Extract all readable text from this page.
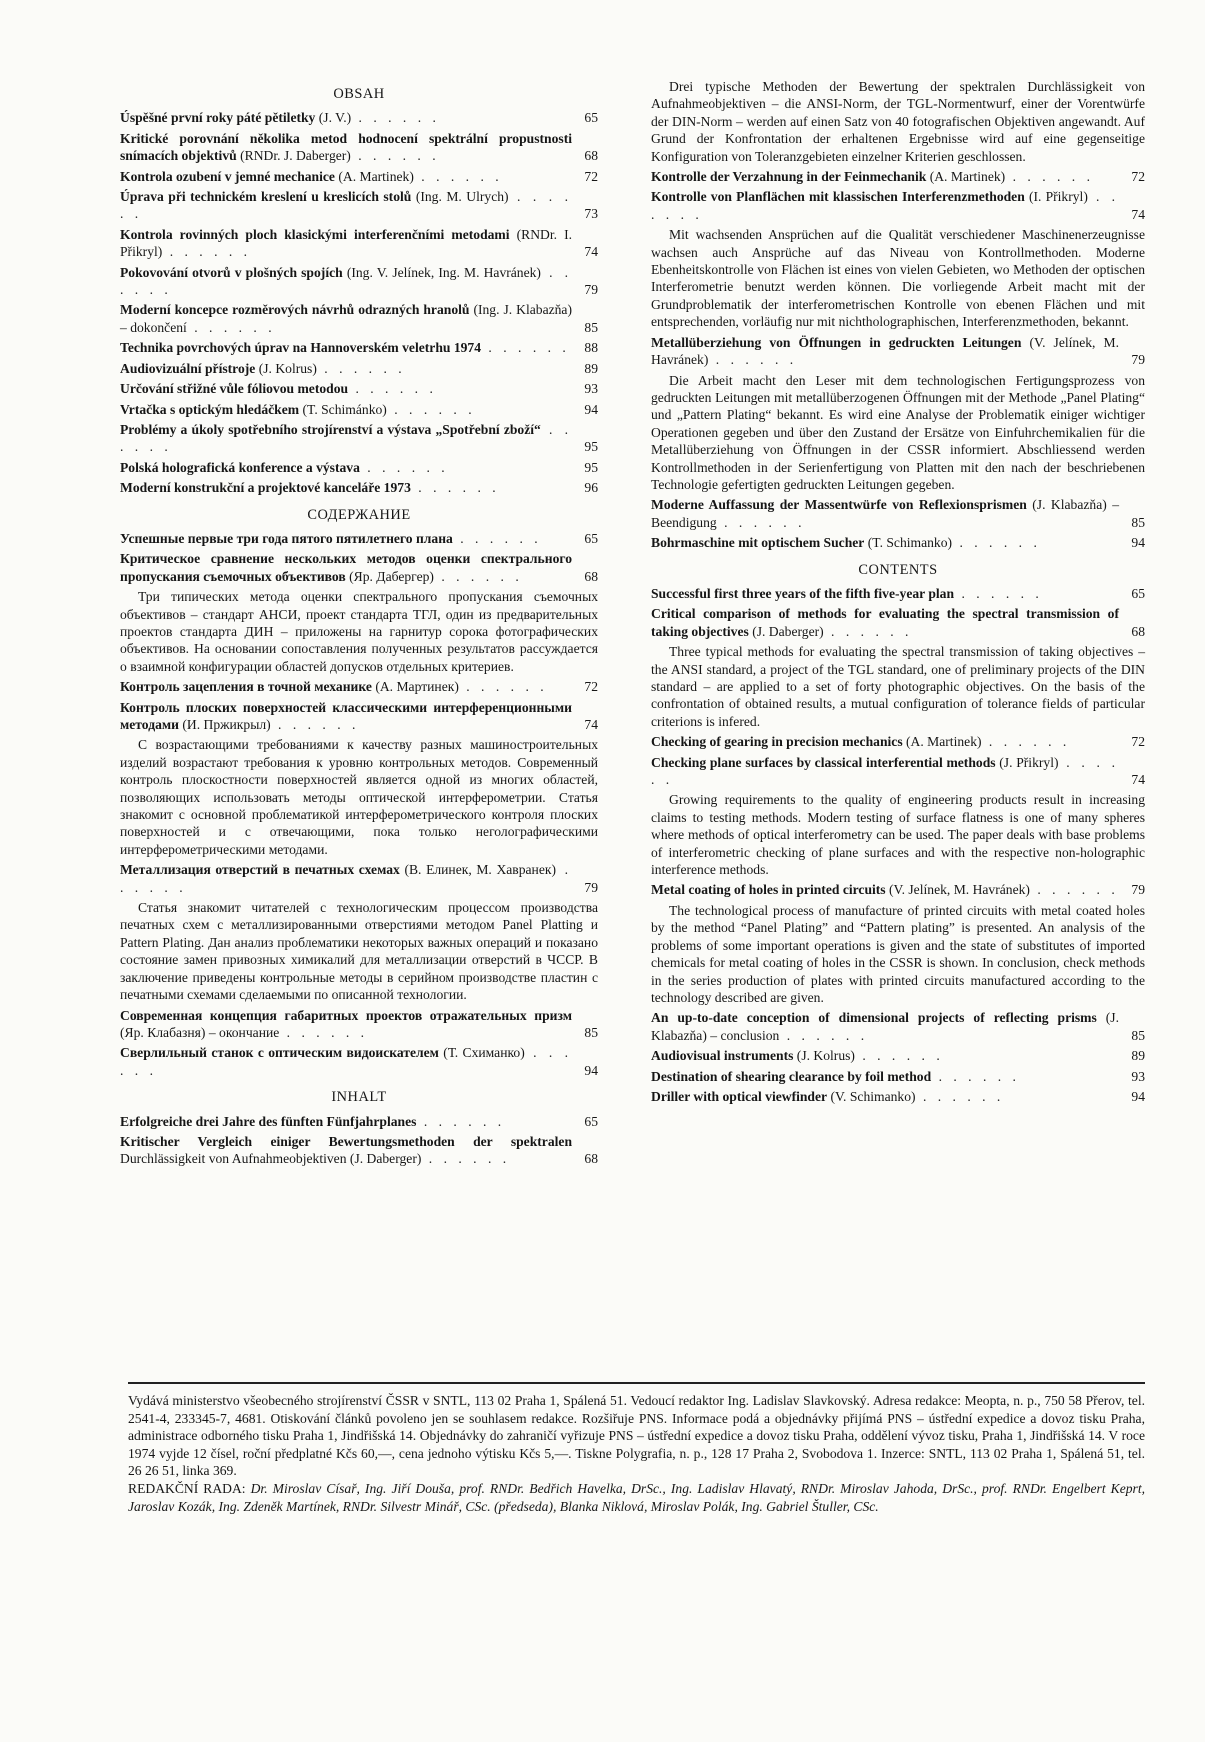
OBSAH
Úspěšné první roky páté pětiletky (J. V.) . . . . . .	65
Kritické porovnání několika metod hodnocení spektrální propustnosti snímacích objektivů (RNDr. J. Daberger) . . . . . .	68
Kontrola ozubení v jemné mechanice (A. Martinek) . . . . . .	72
Úprava při technickém kreslení u kreslicích stolů (Ing. M. Ulrych) . . . . . .	73
Kontrola rovinných ploch klasickými interferenčními metodami (RNDr. I. Přikryl) . . . . . .	74
Pokovování otvorů v plošných spojích (Ing. V. Jelínek, Ing. M. Havránek) . . . . . .	79
Moderní koncepce rozměrových návrhů odrazných hranolů (Ing. J. Klabazňa) – dokončení . . . . . .	85
Technika povrchových úprav na Hannoverském veletrhu 1974 . . . . . .	88
Audiovizuální přístroje (J. Kolrus) . . . . . .	89
Určování střižné vůle fóliovou metodou . . . . . .	93
Vrtačka s optickým hledáčkem (T. Schimánko) . . . . . .	94
Problémy a úkoly spotřebního strojírenství a výstava „Spotřební zboží“ . . . . . .	95
Polská holografická konference a výstava . . . . . .	95
Moderní konstrukční a projektové kanceláře 1973 . . . . . .	96
СОДЕРЖАНИЕ
Успешные первые три года пятого пятилетнего плана . . . . . .	65
Критическое сравнение нескольких методов оценки спектрального пропускания съемочных объективов (Яр. Дабергер) . . . . . .	68

Три типических метода оценки спектрального пропускания съемочных объективов – стандарт АНСИ, проект стандарта ТГЛ, один из предварительных проектов стандарта ДИН – приложены на гарнитур сорока фотографических объективов. На основании сопоставления полученных результатов рассуждается о взаимной конфигурации областей допусков отдельных критериев.

Контроль зацепления в точной механике (А. Мартинек) . . . . . .	72
Контроль плоских поверхностей классическими интерференционными методами (И. Пржикрыл) . . . . . .	74

С возрастающими требованиями к качеству разных машиностроительных изделий возрастают требования к уровню контрольных методов. Современный контроль плоскостности поверхностей является одной из многих областей, позволяющих использовать методы оптической интерферометрии. Статья знакомит с основной проблематикой интерферометрического контроля плоских поверхностей и с отвечающими, пока только неголографическими интерферометрическими методами.

Металлизация отверстий в печатных схемах (В. Елинек, М. Хавранек) . . . . . .	79

Статья знакомит читателей с технологическим процессом производства печатных схем с металлизированными отверстиями методом Panel Platting и Pattern Plating. Дан анализ проблематики некоторых важных операций и показано состояние замен привозных химикалий для металлизации отверстий в ЧССР. В заключение приведены контрольные методы в серийном производстве пластин с печатными схемами сделаемыми по описанной технологии.

Современная концепция габаритных проектов отражательных призм (Яр. Клабазня) – окончание . . . . . .	85
Сверлильный станок с оптическим видоискателем (Т. Схиманко) . . . . . .	94
INHALT
Erfolgreiche drei Jahre des fünften Fünfjahrplanes . . . . . .	65
Kritischer Vergleich einiger Bewertungsmethoden der spektralen Durchlässigkeit von Aufnahmeobjektiven (J. Daberger) . . . . . .	68

Drei typische Methoden der Bewertung der spektralen Durchlässigkeit von Aufnahmeobjektiven – die ANSI-Norm, der TGL-Normentwurf, einer der Vorentwürfe der DIN-Norm – werden auf einen Satz von 40 fotografischen Objektiven angewandt. Auf Grund der Konfrontation der erhaltenen Ergebnisse wird auf eine gegenseitige Konfiguration von Toleranzgebieten einzelner Kriterien geschlossen.

Kontrolle der Verzahnung in der Feinmechanik (A. Martinek) . . . . . .	72
Kontrolle von Planflächen mit klassischen Interferenzmethoden (I. Přikryl) . . . . . .	74

Mit wachsenden Ansprüchen auf die Qualität verschiedener Maschinenerzeugnisse wachsen auch Ansprüche auf das Niveau von Kontrollmethoden. Moderne Ebenheitskontrolle von Flächen ist eines von vielen Gebieten, wo Methoden der optischen Interferometrie benutzt werden können. Die vorliegende Arbeit macht mit der Grundproblematik der interferometrischen Kontrolle von ebenen Flächen und mit entsprechenden, vorläufig nur mit nichtholographischen, Interferenzmethoden, bekannt.

Metallüberziehung von Öffnungen in gedruckten Leitungen (V. Jelínek, M. Havránek) . . . . . .	79

Die Arbeit macht den Leser mit dem technologischen Fertigungsprozess von gedruckten Leitungen mit metallüberzogenen Öffnungen mit der Methode „Panel Plating“ und „Pattern Plating“ bekannt. Es wird eine Analyse der Problematik einiger wichtiger Operationen gegeben und über den Zustand der Ersätze von Einfuhrchemikalien für die Metallüberziehung von Öffnungen in der CSSR informiert. Abschliessend werden Kontrollmethoden in der Serienfertigung von Platten mit den nach der beschriebenen Technologie gefertigten gedruckten Leitungen gegeben.

Moderne Auffassung der Massentwürfe von Reflexionsprismen (J. Klabazňa) – Beendigung . . . . . .	85
Bohrmaschine mit optischem Sucher (T. Schimanko) . . . . . .	94
CONTENTS
Successful first three years of the fifth five-year plan . . . . . .	65
Critical comparison of methods for evaluating the spectral transmission of taking objectives (J. Daberger) . . . . . .	68

Three typical methods for evaluating the spectral transmission of taking objectives – the ANSI standard, a project of the TGL standard, one of preliminary projects of the DIN standard – are applied to a set of forty photographic objectives. On the basis of the confrontation of obtained results, a mutual configuration of tolerance fields of particular criterions is infered.

Checking of gearing in precision mechanics (A. Martinek) . . . . . .	72
Checking plane surfaces by classical interferential methods (J. Přikryl) . . . . . .	74

Growing requirements to the quality of engineering products result in increasing claims to testing methods. Modern testing of surface flatness is one of many spheres where methods of optical interferometry can be used. The paper deals with base problems of interferometric checking of plane surfaces and with the respective non-holographic interference methods.

Metal coating of holes in printed circuits (V. Jelínek, M. Havránek) . . . . . . 79

The technological process of manufacture of printed circuits with metal coated holes by the method “Panel Plating” and “Pattern plating” is presented. An analysis of the problems of some important operations is given and the state of substitutes of imported chemicals for metal coating of holes in the CSSR is shown. In conclusion, check methods in the series production of plates with printed circuits manufactured according to the technology described are given.

An up-to-date conception of dimensional projects of reflecting prisms (J. Klabazňa) – conclusion . . . . . .	85
Audiovisual instruments (J. Kolrus) . . . . . .	89
Destination of shearing clearance by foil method . . . . . .	93
Driller with optical viewfinder (V. Schimanko) . . . . . .	94
Vydává ministerstvo všeobecného strojírenství ČSSR v SNTL, 113 02 Praha 1, Spálená 51. Vedoucí redaktor Ing. Ladislav Slavkovský. Adresa redakce: Meopta, n. p., 750 58 Přerov, tel. 2541-4, 233345-7, 4681. Otiskování článků povoleno jen se souhlasem redakce. Rozšiřuje PNS. Informace podá a objednávky přijímá PNS – ústřední expedice a dovoz tisku Praha, administrace odborného tisku Praha 1, Jindřišská 14. Objednávky do zahraničí vyřizuje PNS – ústřední expedice a dovoz tisku Praha, oddělení vývoz tisku, Praha 1, Jindřišská 14. V roce 1974 vyjde 12 čísel, roční předplatné Kčs 60,—, cena jednoho výtisku Kčs 5,—. Tiskne Polygrafia, n. p., 128 17 Praha 2, Svobodova 1. Inzerce: SNTL, 113 02 Praha 1, Spálená 51, tel. 26 26 51, linka 369.
REDAKČNÍ RADA: Dr. Miroslav Císař, Ing. Jiří Douša, prof. RNDr. Bedřich Havelka, DrSc., Ing. Ladislav Hlavatý, RNDr. Miroslav Jahoda, DrSc., prof. RNDr. Engelbert Keprt, Jaroslav Kozák, Ing. Zdeněk Martínek, RNDr. Silvestr Minář, CSc. (předseda), Blanka Niklová, Miroslav Polák, Ing. Gabriel Štuller, CSc.
